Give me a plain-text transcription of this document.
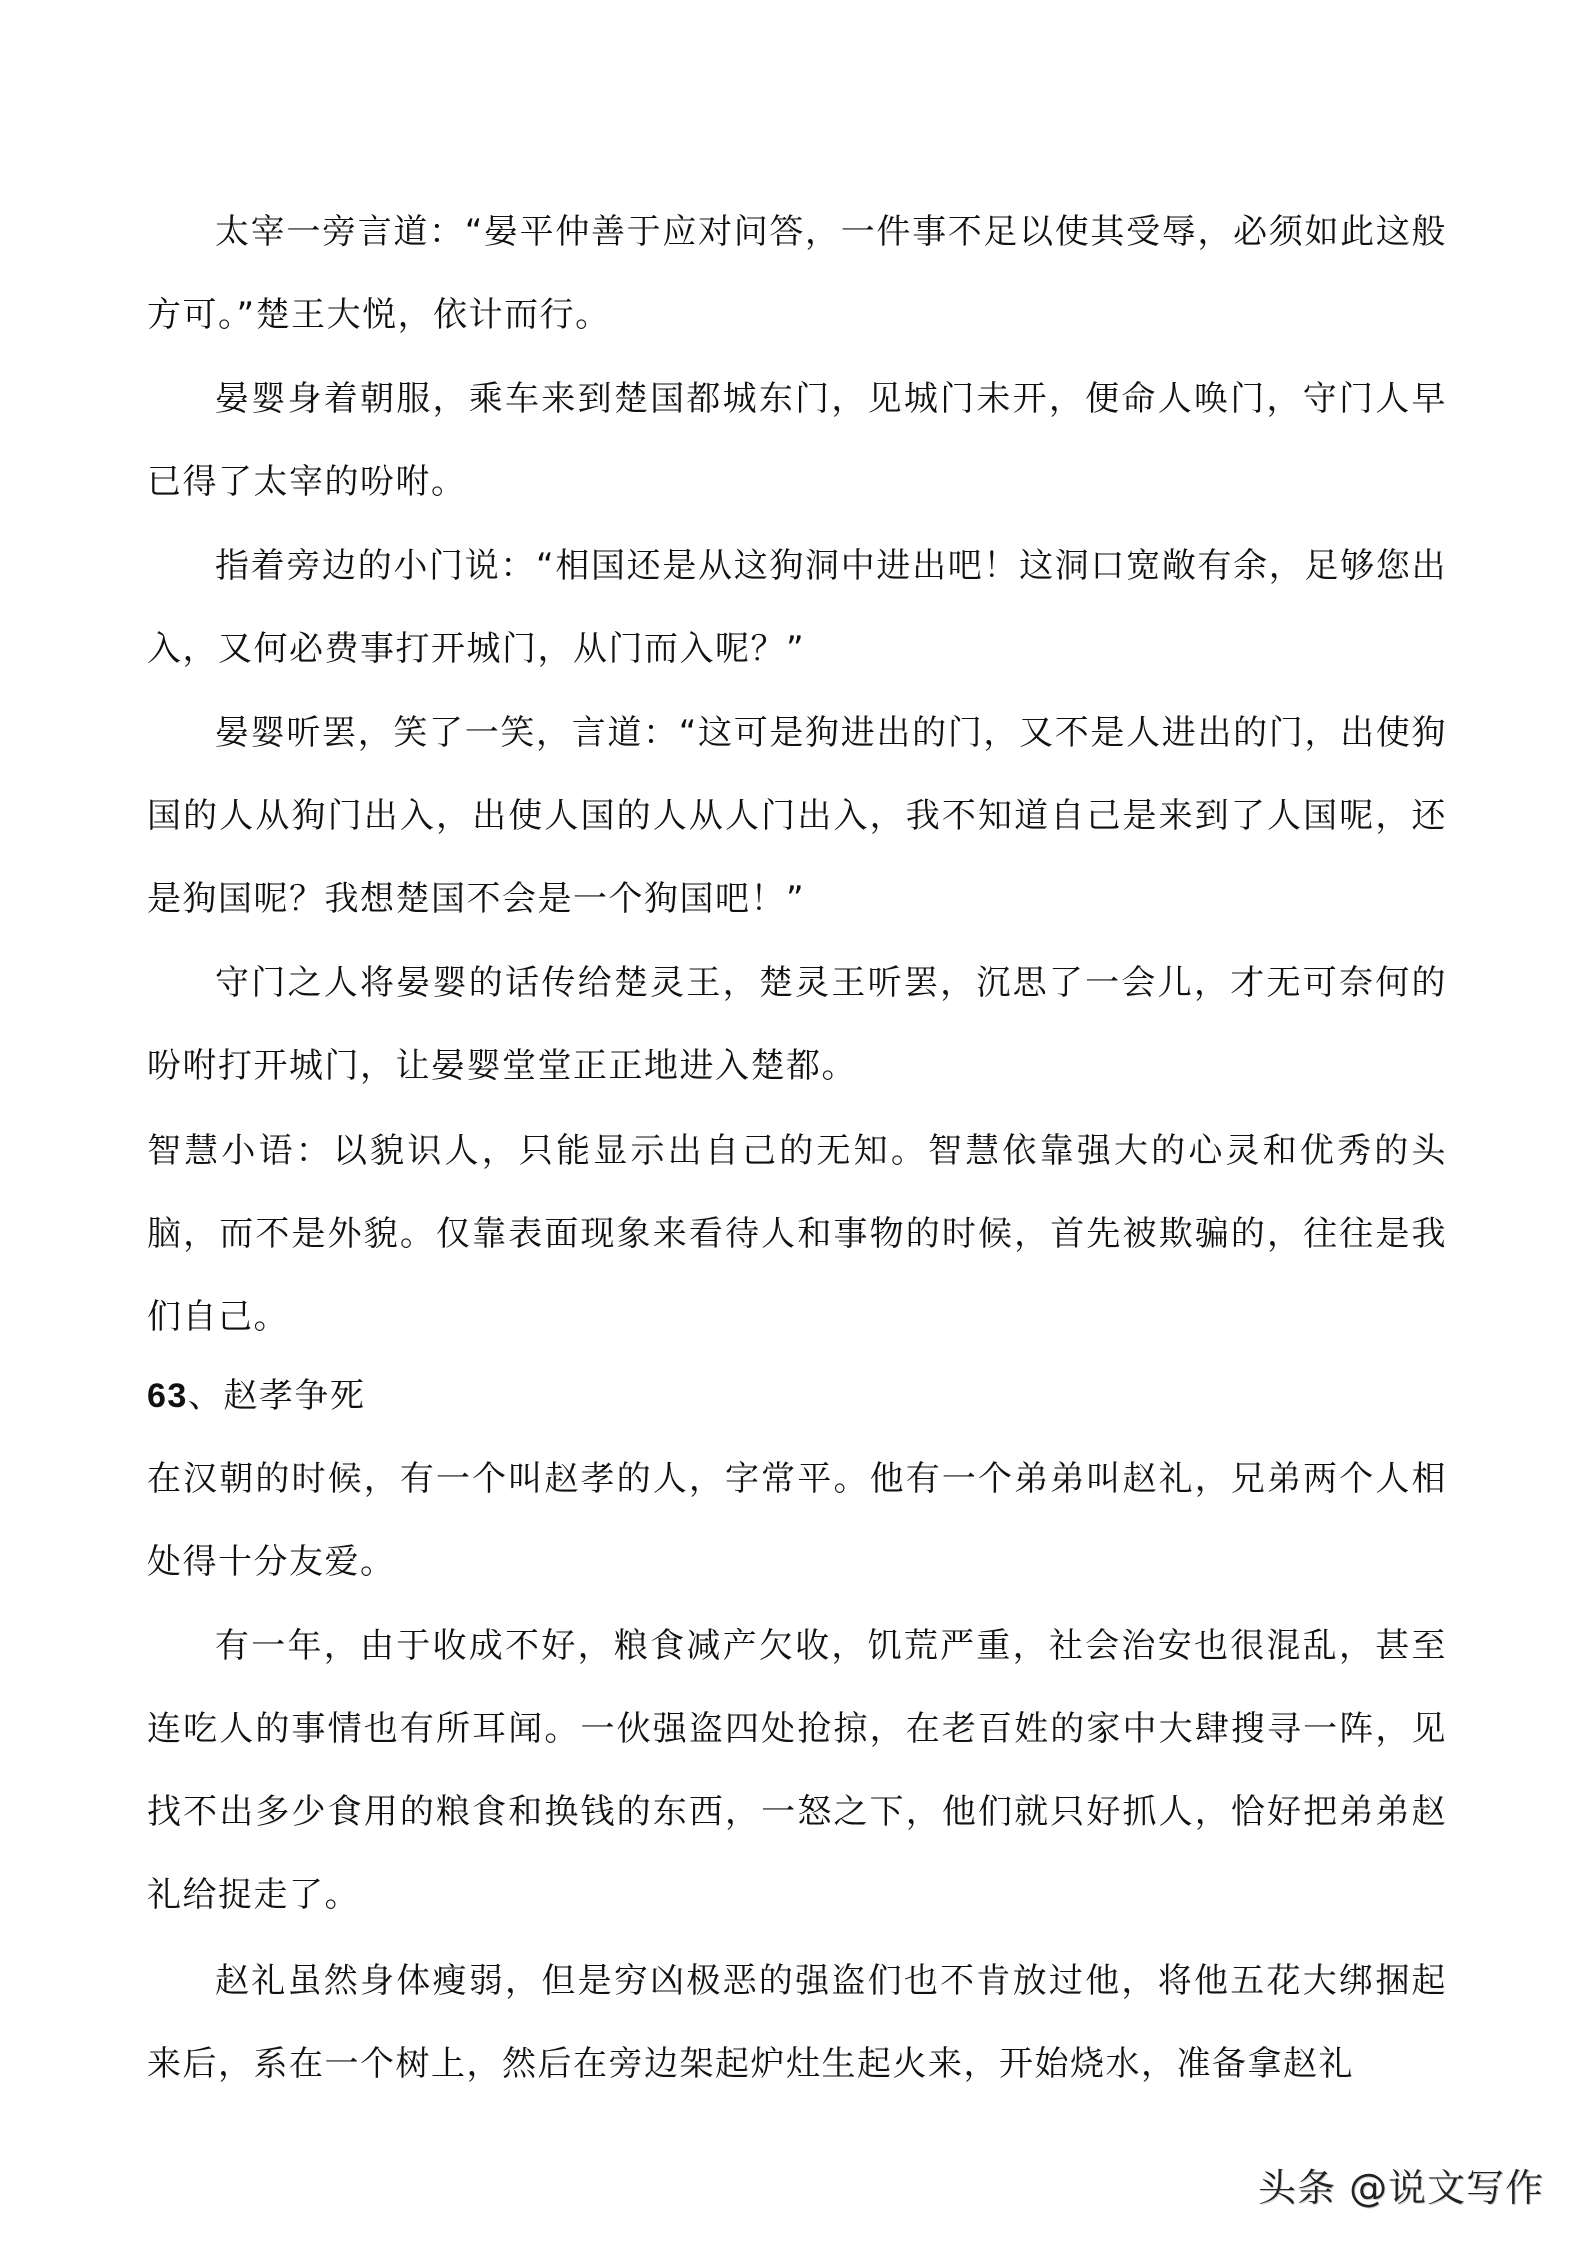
太宰一旁言道：“晏平仲善于应对问答，一件事不足以使其受辱，必须如此这般方可。”楚王大悦，依计而行。

晏婴身着朝服，乘车来到楚国都城东门，见城门未开，便命人唤门，守门人早已得了太宰的吩咐。

指着旁边的小门说：“相国还是从这狗洞中进出吧！这洞口宽敞有余，足够您出入，又何必费事打开城门，从门而入呢？”

晏婴听罢，笑了一笑，言道：“这可是狗进出的门，又不是人进出的门，出使狗国的人从狗门出入，出使人国的人从人门出入，我不知道自己是来到了人国呢，还是狗国呢？我想楚国不会是一个狗国吧！”

守门之人将晏婴的话传给楚灵王，楚灵王听罢，沉思了一会儿，才无可奈何的吩咐打开城门，让晏婴堂堂正正地进入楚都。

智慧小语：以貌识人，只能显示出自己的无知。智慧依靠强大的心灵和优秀的头脑，而不是外貌。仅靠表面现象来看待人和事物的时候，首先被欺骗的，往往是我们自己。

63、赵孝争死

在汉朝的时候，有一个叫赵孝的人，字常平。他有一个弟弟叫赵礼，兄弟两个人相处得十分友爱。

有一年，由于收成不好，粮食减产欠收，饥荒严重，社会治安也很混乱，甚至连吃人的事情也有所耳闻。一伙强盗四处抢掠，在老百姓的家中大肆搜寻一阵，见找不出多少食用的粮食和换钱的东西，一怒之下，他们就只好抓人，恰好把弟弟赵礼给捉走了。

赵礼虽然身体瘦弱，但是穷凶极恶的强盗们也不肯放过他，将他五花大绑捆起来后，系在一个树上，然后在旁边架起炉灶生起火来，开始烧水，准备拿赵礼

头条 @说文写作
